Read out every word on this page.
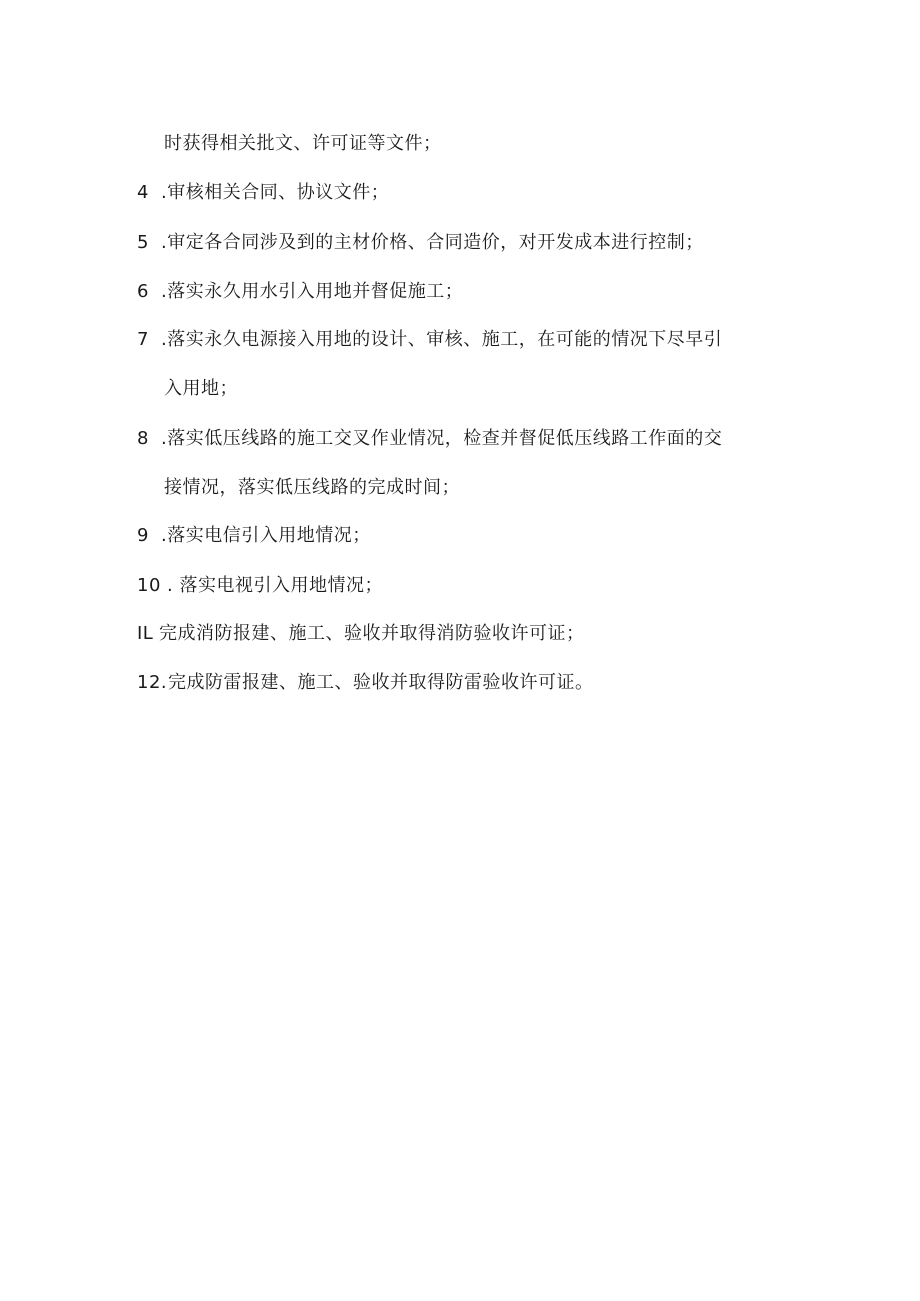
时获得相关批文、许可证等文件；
4 .审核相关合同、协议文件；
5 .审定各合同涉及到的主材价格、合同造价，对开发成本进行控制；
6 .落实永久用水引入用地并督促施工；
7 .落实永久电源接入用地的设计、审核、施工，在可能的情况下尽早引
入用地；
8 .落实低压线路的施工交叉作业情况，检查并督促低压线路工作面的交
接情况，落实低压线路的完成时间；
9 .落实电信引入用地情况；
10 . 落实电视引入用地情况；
IL 完成消防报建、施工、验收并取得消防验收许可证；
12. 完成防雷报建、施工、验收并取得防雷验收许可证。
